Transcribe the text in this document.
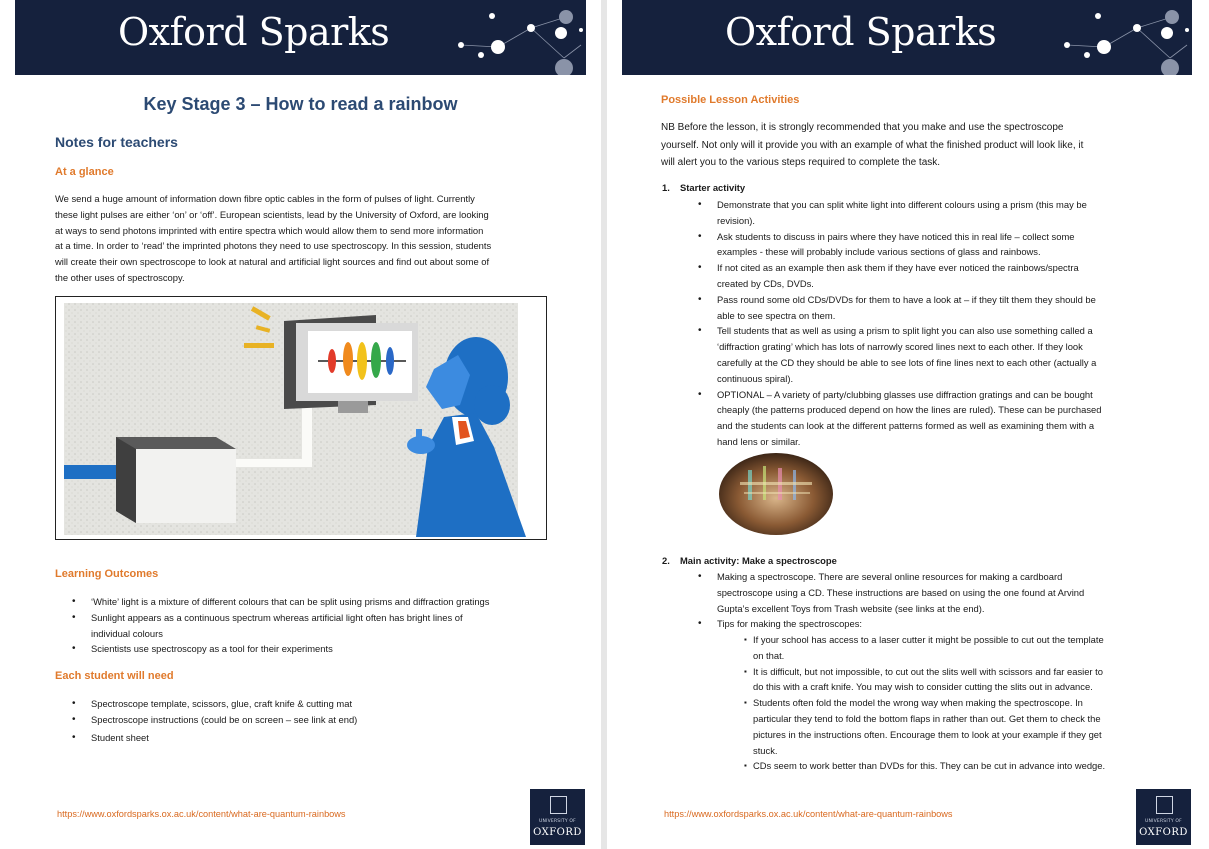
Oxford Sparks
Key Stage 3 – How to read a rainbow
Notes for teachers
At a glance
We send a huge amount of information down fibre optic cables in the form of pulses of light. Currently
these light pulses are either ‘on’ or ‘off’. European scientists, lead by the University of Oxford, are looking
at ways to send photons imprinted with entire spectra which would allow them to send more information
at a time. In order to ‘read’ the imprinted photons they need to use spectroscopy. In this session, students
will create their own spectroscope to look at natural and artificial light sources and find out about some of
the other uses of spectroscopy.
Learning Outcomes
• ‘White’ light is a mixture of different colours that can be split using prisms and diffraction gratings
• Sunlight appears as a continuous spectrum whereas artificial light often has bright lines of
individual colours
• Scientists use spectroscopy as a tool for their experiments
Each student will need
• Spectroscope template, scissors, glue, craft knife & cutting mat
• Spectroscope instructions (could be on screen – see link at end)
• Student sheet
https://www.oxfordsparks.ox.ac.uk/content/what-are-quantum-rainbows
UNIVERSITY OF
OXFORD
Oxford Sparks
Possible Lesson Activities
NB Before the lesson, it is strongly recommended that you make and use the spectroscope
yourself. Not only will it provide you with an example of what the finished product will look like, it
will alert you to the various steps required to complete the task.
1. Starter activity
• Demonstrate that you can split white light into different colours using a prism (this may be
revision).
• Ask students to discuss in pairs where they have noticed this in real life – collect some
examples - these will probably include various sections of glass and rainbows.
• If not cited as an example then ask them if they have ever noticed the rainbows/spectra
created by CDs, DVDs.
• Pass round some old CDs/DVDs for them to have a look at – if they tilt them they should be
able to see spectra on them.
• Tell students that as well as using a prism to split light you can also use something called a
‘diffraction grating’ which has lots of narrowly scored lines next to each other. If they look
carefully at the CD they should be able to see lots of fine lines next to each other (actually a
continuous spiral).
• OPTIONAL – A variety of party/clubbing glasses use diffraction gratings and can be bought
cheaply (the patterns produced depend on how the lines are ruled). These can be purchased
and the students can look at the different patterns formed as well as examining them with a
hand lens or similar.
2. Main activity: Make a spectroscope
• Making a spectroscope. There are several online resources for making a cardboard
spectroscope using a CD. These instructions are based on using the one found at Arvind
Gupta’s excellent Toys from Trash website (see links at the end).
• Tips for making the spectroscopes:
▪ If your school has access to a laser cutter it might be possible to cut out the template
on that.
▪ It is difficult, but not impossible, to cut out the slits well with scissors and far easier to
do this with a craft knife. You may wish to consider cutting the slits out in advance.
▪ Students often fold the model the wrong way when making the spectroscope. In
particular they tend to fold the bottom flaps in rather than out. Get them to check the
pictures in the instructions often. Encourage them to look at your example if they get
stuck.
▪ CDs seem to work better than DVDs for this. They can be cut in advance into wedge.
https://www.oxfordsparks.ox.ac.uk/content/what-are-quantum-rainbows
UNIVERSITY OF
OXFORD
